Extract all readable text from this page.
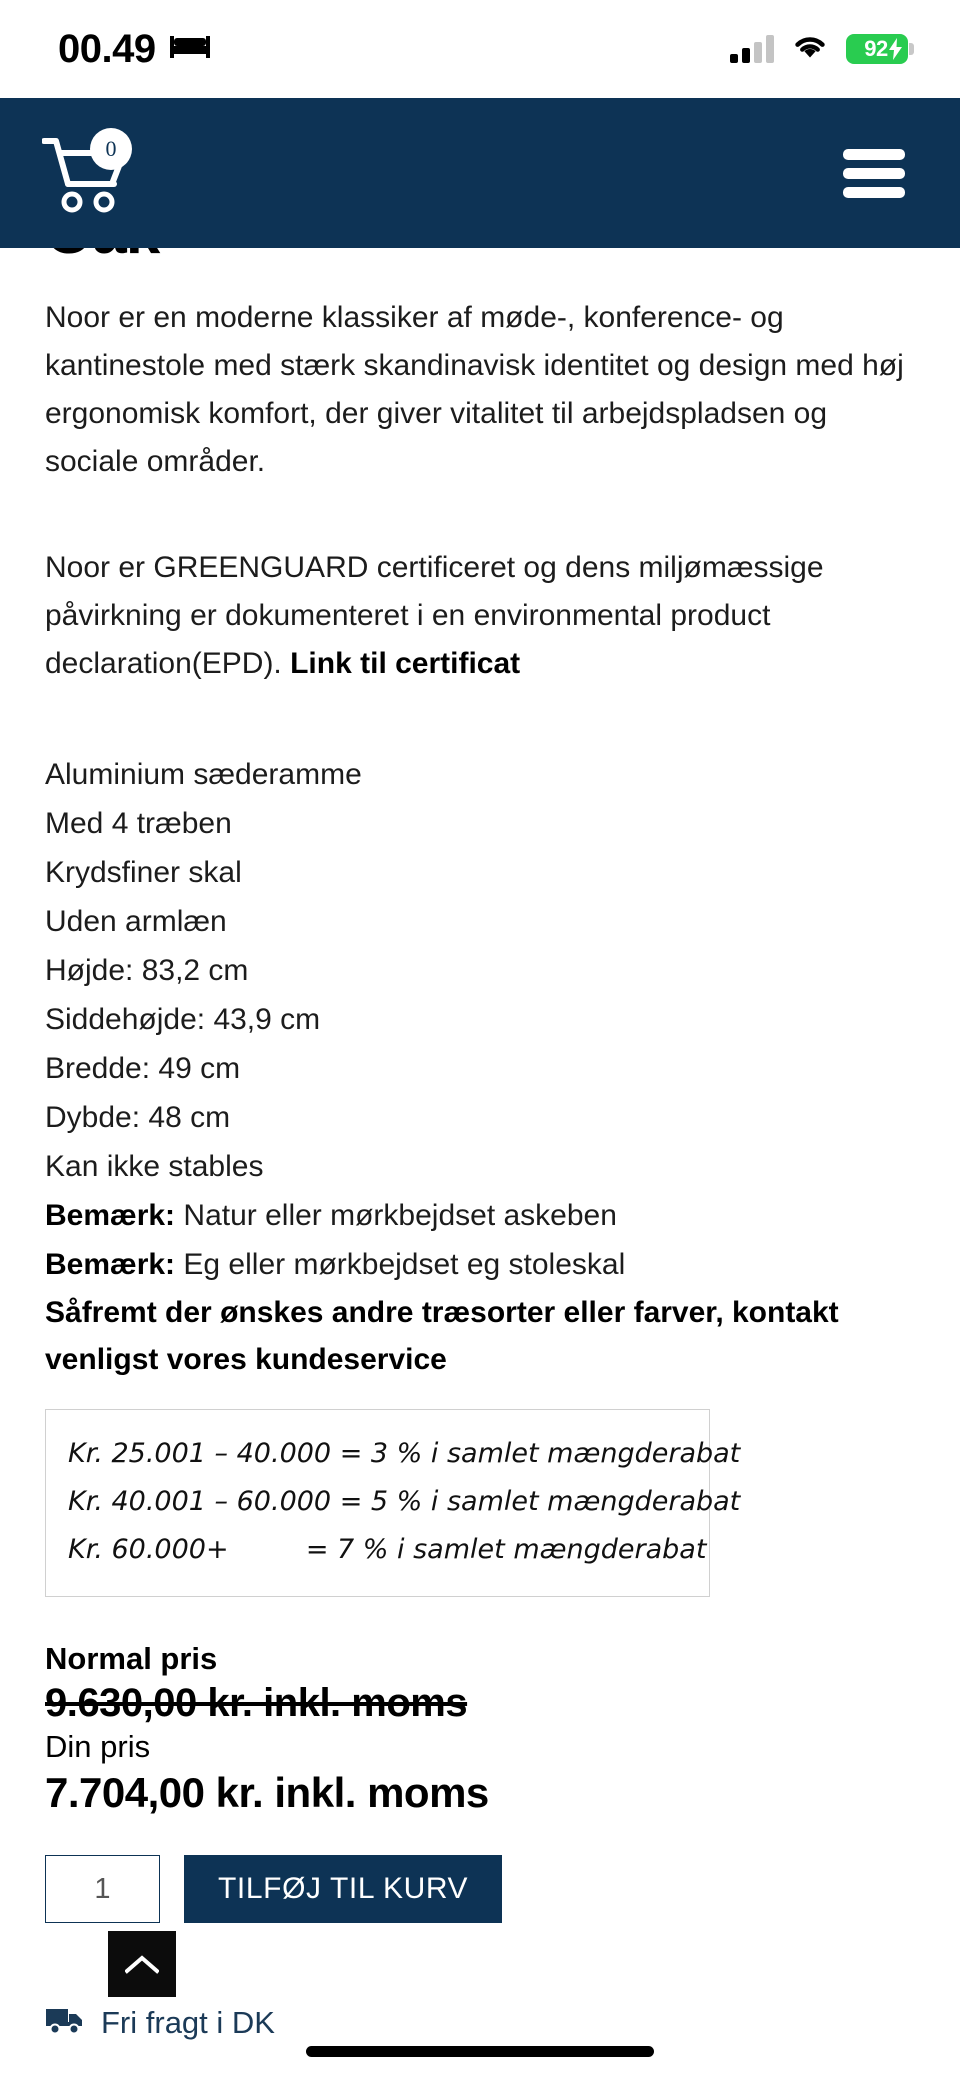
00.49	92
0

Noor er en moderne klassiker af møde-, konference- og kantinestole med stærk skandinavisk identitet og design med høj ergonomisk komfort, der giver vitalitet til arbejdspladsen og sociale områder.

Noor er GREENGUARD certificeret og dens miljømæssige påvirkning er dokumenteret i en environmental product declaration(EPD). Link til certificat

Aluminium sæderamme
Med 4 træben
Krydsfiner skal
Uden armlæn
Højde: 83,2 cm
Siddehøjde: 43,9 cm
Bredde: 49 cm
Dybde: 48 cm
Kan ikke stables
Bemærk: Natur eller mørkbejdset askeben
Bemærk: Eg eller mørkbejdset eg stoleskal
Såfremt der ønskes andre træsorter eller farver, kontakt venligst vores kundeservice
Kr. 25.001 – 40.000 = 3 % i samlet mængderabat
Kr. 40.001 – 60.000 = 5 % i samlet mængderabat
Kr. 60.000+         = 7 % i samlet mængderabat
Normal pris
9.630,00 kr. inkl. moms
Din pris
7.704,00 kr. inkl. moms
1
TILFØJ TIL KURV
Fri fragt i DK
